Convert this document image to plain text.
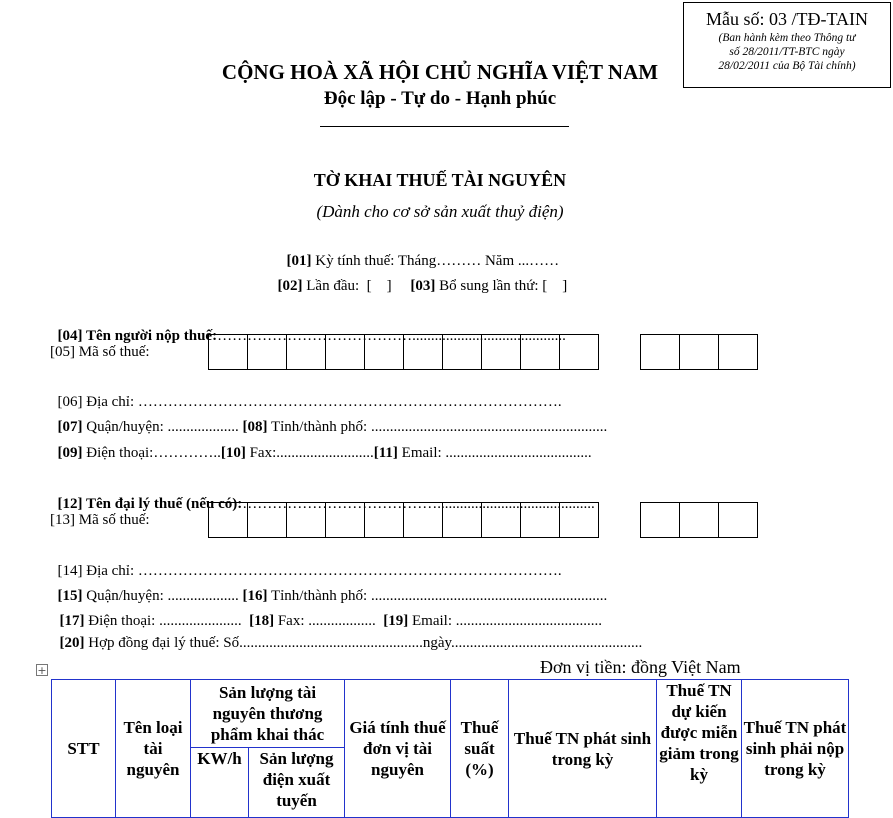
Mẫu số: 03 /TĐ-TAIN
(Ban hành kèm theo Thông tư
số 28/2011/TT-BTC ngày
28/02/2011 của Bộ Tài chính)
CỘNG HOÀ XÃ HỘI CHỦ NGHĨA VIỆT NAM
Độc lập - Tự do - Hạnh phúc
TỜ KHAI THUẾ TÀI NGUYÊN
(Dành cho cơ sở sản xuất thuỷ điện)

[01] Kỳ tính thuế: Tháng……… Năm ...……

[02] Lần đầu:  [    ]     [03] Bổ sung lần thứ: [    ]

[04] Tên người nộp thuế:………………………………….........................................

[05] Mã số thuế:

[06] Địa chỉ: ………………………………………………………………………….

[07] Quận/huyện: ................... [08] Tỉnh/thành phố: ...............................................................

[09] Điện thoại:…………..[10] Fax:..........................[11] Email: .......................................

[12] Tên đại lý thuế (nếu có):…………………………………..........................................

[13] Mã số thuế:

[14] Địa chỉ: ………………………………………………………………………….

[15] Quận/huyện: ................... [16] Tỉnh/thành phố: ...............................................................

[17] Điện thoại: ......................  [18] Fax: ..................  [19] Email: .......................................

[20] Hợp đồng đại lý thuế: Số.................................................ngày...................................................

+	Đơn vị tiền: đồng Việt Nam
STT	Tên loại tài nguyên	Sản lượng tài nguyên thương phẩm khai thác		Giá tính thuế đơn vị tài nguyên	Thuế suất (%)	Thuế TN phát sinh trong kỳ	Thuế TN dự kiến được miễn giảm trong kỳ	Thuế TN phát sinh phải nộp trong kỳ
		KW/h	Sản lượng điện xuất tuyến					
